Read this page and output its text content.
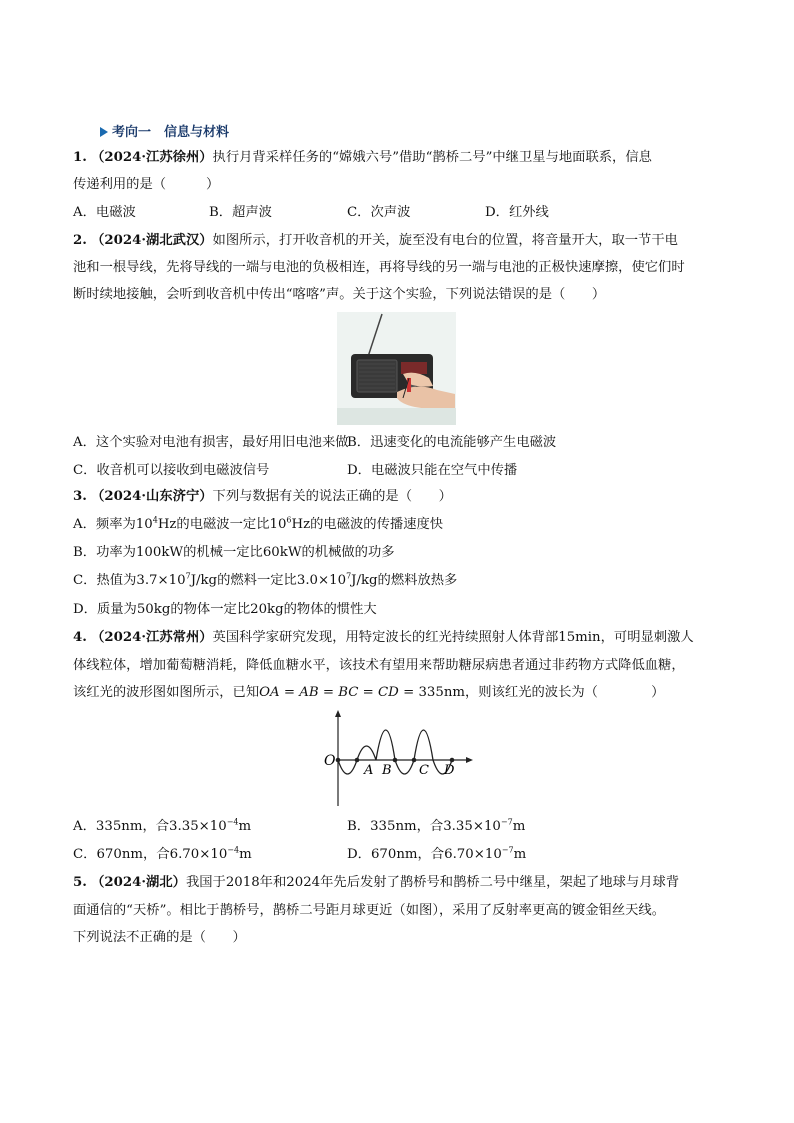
考向一　信息与材料
1. （2024·江苏徐州）执行月背采样任务的“嫦娥六号”借助“鹊桥二号”中继卫星与地面联系，信息
传递利用的是（　　　）
A．电磁波	B．超声波	C．次声波	D．红外线
2. （2024·湖北武汉）如图所示，打开收音机的开关，旋至没有电台的位置，将音量开大，取一节干电
池和一根导线，先将导线的一端与电池的负极相连，再将导线的另一端与电池的正极快速摩擦，使它们时
断时续地接触，会听到收音机中传出“喀喀”声。关于这个实验，下列说法错误的是（　　）
A．这个实验对电池有损害，最好用旧电池来做
B．迅速变化的电流能够产生电磁波
C．收音机可以接收到电磁波信号	D．电磁波只能在空气中传播
3. （2024·山东济宁）下列与数据有关的说法正确的是（　　）
A．频率为$10^4Hz$的电磁波一定比$10^6Hz$的电磁波的传播速度快
B．功率为100kW的机械一定比60kW的机械做的功多
C．热值为$3.7\times 10^7J/kg$的燃料一定比$3.0\times 10^7J/kg$的燃料放热多
D．质量为50kg的物体一定比20kg的物体的惯性大
4. （2024·江苏常州）英国科学家研究发现，用特定波长的红光持续照射人体背部15min，可明显刺激人
体线粒体，增加葡萄糖消耗，降低血糖水平，该技术有望用来帮助糖尿病患者通过非药物方式降低血糖，
该红光的波形图如图所示，已知OA = AB = BC = CD = 335nm，则该红光的波长为（　　　　）
O
A B C D
A．335nm，合$3.35\times 10^{-4}m$	B．335nm，合$3.35\times 10^{-7}m$
C．670nm，合$6.70\times 10^{-4}m$	D．670nm，合$6.70\times 10^{-7}m$
5. （2024·湖北）我国于2018年和2024年先后发射了鹊桥号和鹊桥二号中继星，架起了地球与月球背
面通信的“天桥”。相比于鹊桥号，鹊桥二号距月球更近（如图），采用了反射率更高的镀金钼丝天线。
下列说法不正确的是（　　）
